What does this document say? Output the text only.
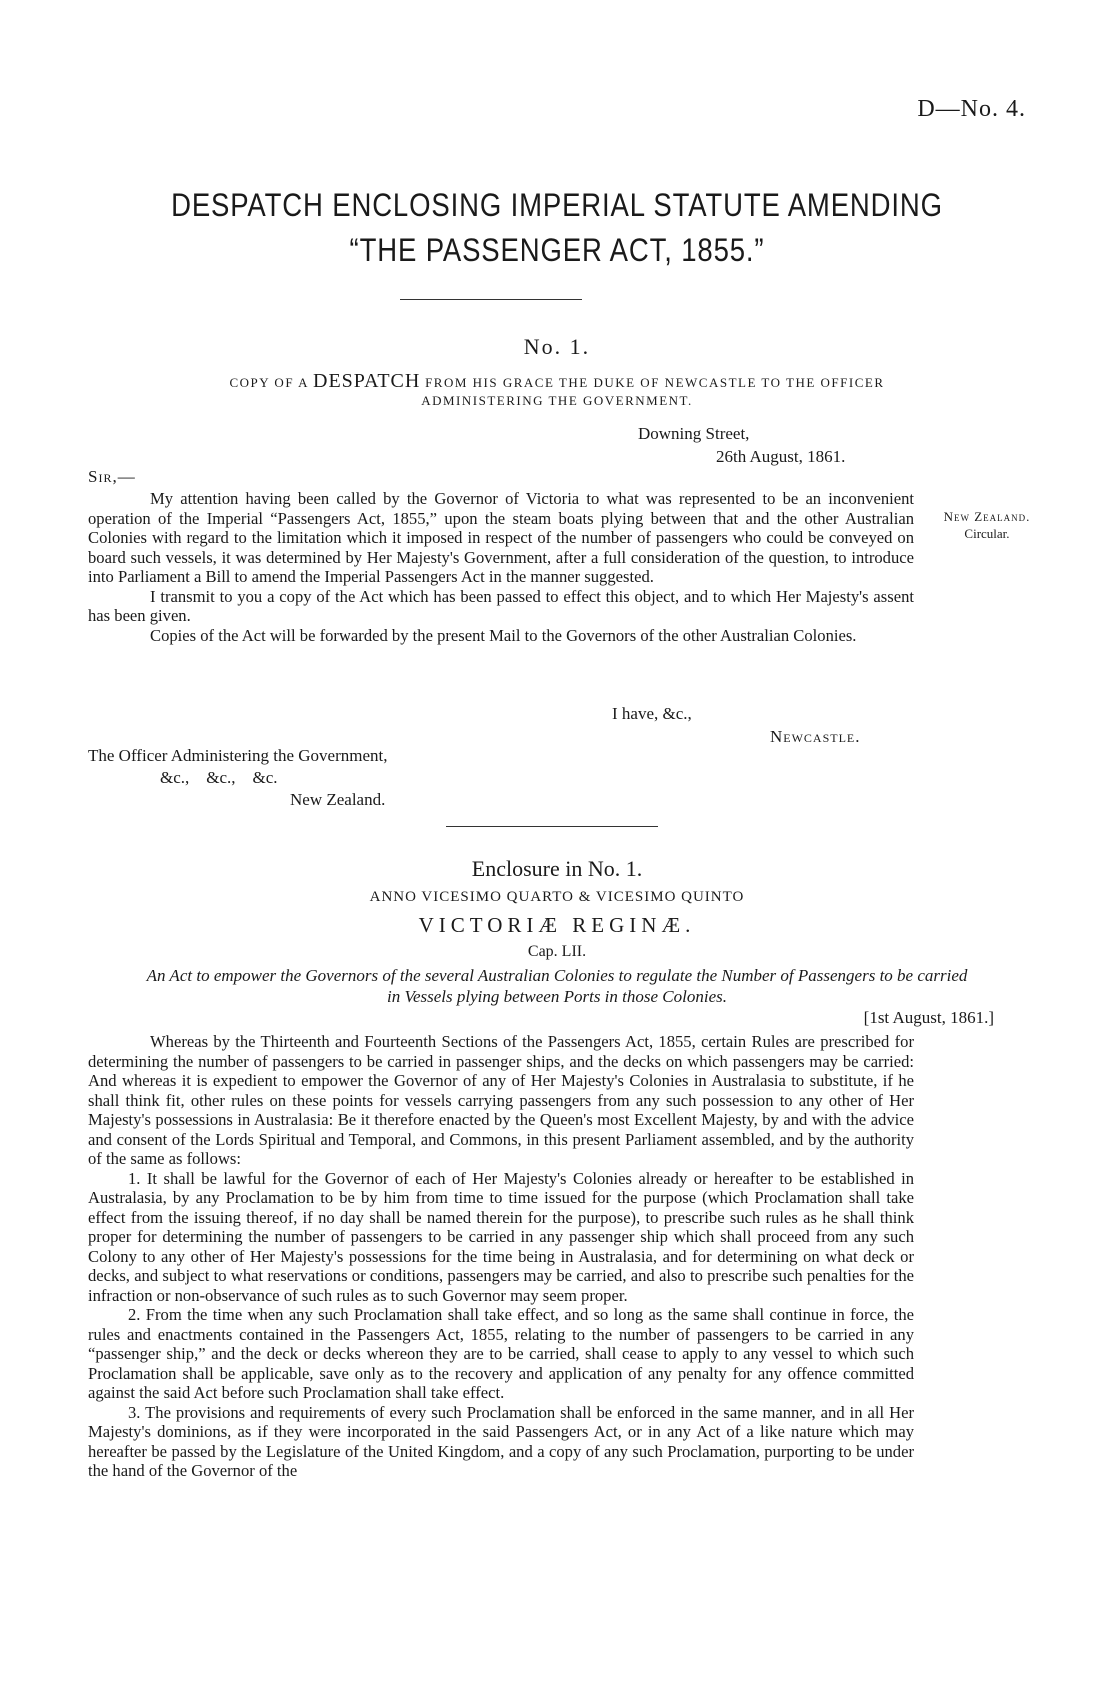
D—No. 4.
DESPATCH ENCLOSING IMPERIAL STATUTE AMENDING
“THE PASSENGER ACT, 1855.”
No. 1.
COPY OF A DESPATCH FROM HIS GRACE THE DUKE OF NEWCASTLE TO THE OFFICER
ADMINISTERING THE GOVERNMENT.
Downing Street,
26th August, 1861.
Sir,—

My attention having been called by the Governor of Victoria to what was represented to be an inconvenient operation of the Imperial “Passengers Act, 1855,” upon the steam boats plying between that and the other Australian Colonies with regard to the limitation which it imposed in respect of the number of passengers who could be conveyed on board such vessels, it was determined by Her Majesty's Government, after a full consideration of the question, to introduce into Parliament a Bill to amend the Imperial Passengers Act in the manner suggested.

I transmit to you a copy of the Act which has been passed to effect this object, and to which Her Majesty's assent has been given.

Copies of the Act will be forwarded by the present Mail to the Governors of the other Australian Colonies.

New Zealand.
Circular.
I have, &c.,
Newcastle.
The Officer Administering the Government,
&c.,    &c.,    &c.
New Zealand.
Enclosure in No. 1.
ANNO VICESIMO QUARTO & VICESIMO QUINTO
VICTORIÆ REGINÆ.
Cap. LII.
An Act to empower the Governors of the several Australian Colonies to regulate the Number of Passengers to be carried in Vessels plying between Ports in those Colonies.
[1st August, 1861.]

Whereas by the Thirteenth and Fourteenth Sections of the Passengers Act, 1855, certain Rules are prescribed for determining the number of passengers to be carried in passenger ships, and the decks on which passengers may be carried: And whereas it is expedient to empower the Governor of any of Her Majesty's Colonies in Australasia to substitute, if he shall think fit, other rules on these points for vessels carrying passengers from any such possession to any other of Her Majesty's possessions in Australasia: Be it therefore enacted by the Queen's most Excellent Majesty, by and with the advice and consent of the Lords Spiritual and Temporal, and Commons, in this present Parliament assembled, and by the authority of the same as follows:

1. It shall be lawful for the Governor of each of Her Majesty's Colonies already or hereafter to be established in Australasia, by any Proclamation to be by him from time to time issued for the purpose (which Proclamation shall take effect from the issuing thereof, if no day shall be named therein for the purpose), to prescribe such rules as he shall think proper for determining the number of passengers to be carried in any passenger ship which shall proceed from any such Colony to any other of Her Majesty's possessions for the time being in Australasia, and for determining on what deck or decks, and subject to what reservations or conditions, passengers may be carried, and also to prescribe such penalties for the infraction or non-observance of such rules as to such Governor may seem proper.

2. From the time when any such Proclamation shall take effect, and so long as the same shall continue in force, the rules and enactments contained in the Passengers Act, 1855, relating to the number of passengers to be carried in any “passenger ship,” and the deck or decks whereon they are to be carried, shall cease to apply to any vessel to which such Proclamation shall be applicable, save only as to the recovery and application of any penalty for any offence committed against the said Act before such Proclamation shall take effect.

3. The provisions and requirements of every such Proclamation shall be enforced in the same manner, and in all Her Majesty's dominions, as if they were incorporated in the said Passengers Act, or in any Act of a like nature which may hereafter be passed by the Legislature of the United Kingdom, and a copy of any such Proclamation, purporting to be under the hand of the Governor of the
